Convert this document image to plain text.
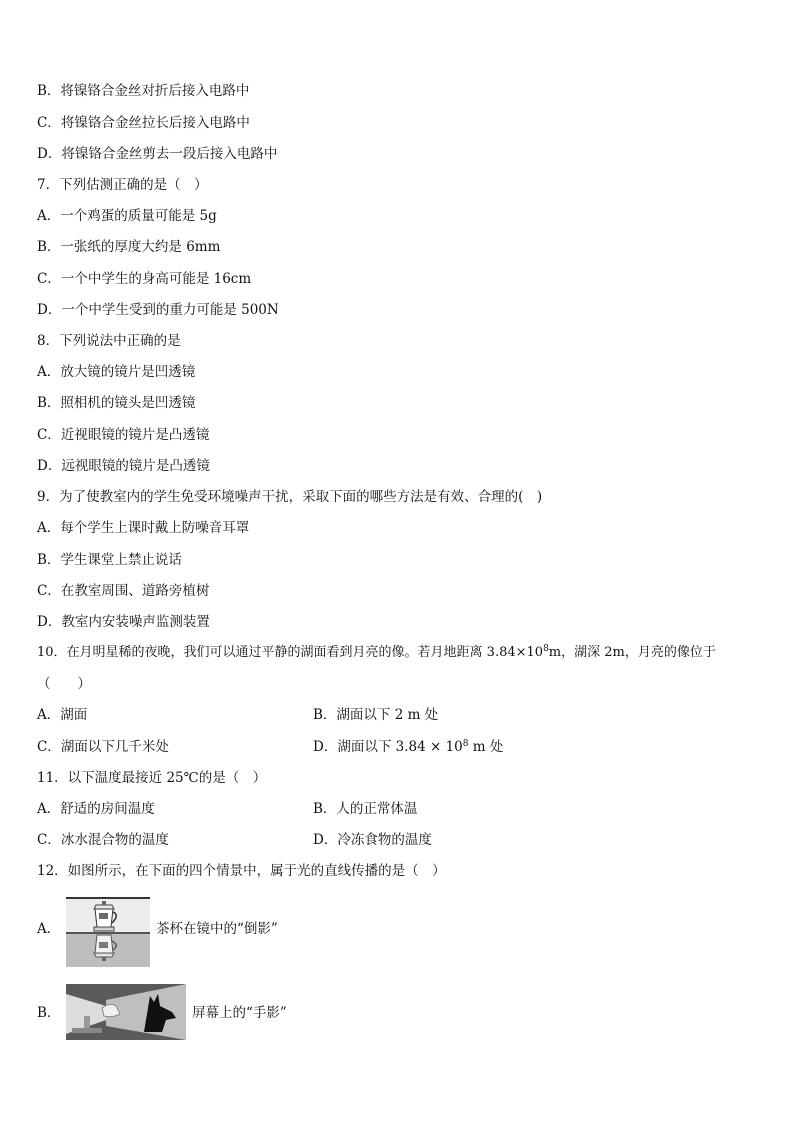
B．将镍铬合金丝对折后接入电路中
C．将镍铬合金丝拉长后接入电路中
D．将镍铬合金丝剪去一段后接入电路中
7．下列估测正确的是（　）
A．一个鸡蛋的质量可能是 5g
B．一张纸的厚度大约是 6mm
C．一个中学生的身高可能是 16cm
D．一个中学生受到的重力可能是 500N
8．下列说法中正确的是
A．放大镜的镜片是凹透镜
B．照相机的镜头是凹透镜
C．近视眼镜的镜片是凸透镜
D．远视眼镜的镜片是凸透镜
9．为了使教室内的学生免受环境噪声干扰，采取下面的哪些方法是有效、合理的(　)
A．每个学生上课时戴上防噪音耳罩
B．学生课堂上禁止说话
C．在教室周围、道路旁植树
D．教室内安装噪声监测装置
10．在月明星稀的夜晚，我们可以通过平静的湖面看到月亮的像。若月地距离 $3.84\times 10^8m$，湖深 2m，月亮的像位于
（　　）
A．湖面	B．湖面以下 2 m 处
C．湖面以下几千米处	D．湖面以下 $3.84 \times 10^8$ m 处
11．以下温度最接近 25℃的是（　）
A．舒适的房间温度	B．人的正常体温
C．冰水混合物的温度	D．冷冻食物的温度
12．如图所示，在下面的四个情景中，属于光的直线传播的是（　）
A．	茶杯在镜中的“倒影”
B．	屏幕上的“手影”
